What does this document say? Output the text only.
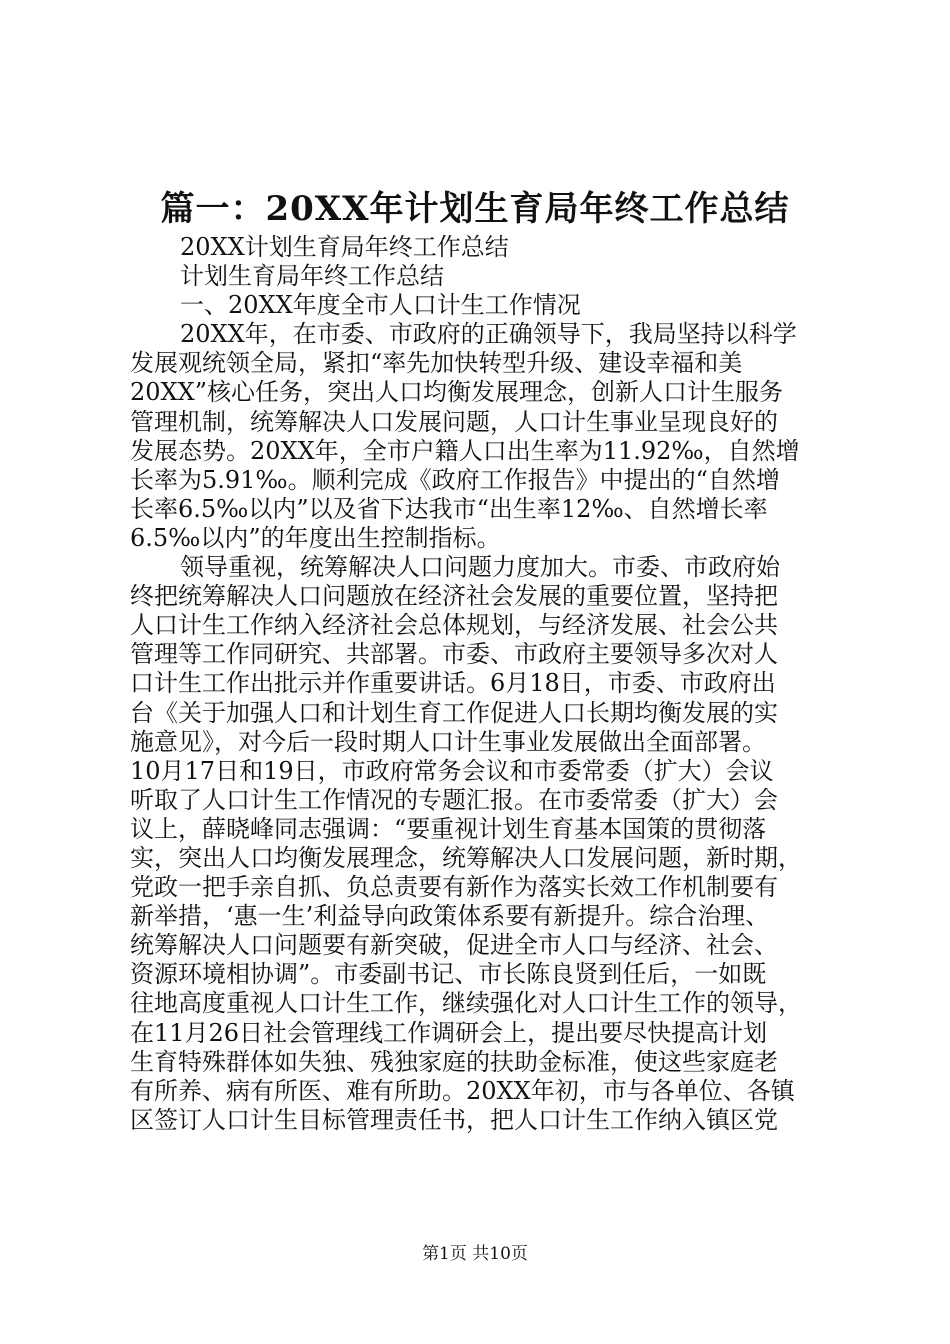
篇一：20XX年计划生育局年终工作总结
20XX计划生育局年终工作总结
计划生育局年终工作总结
一、20XX年度全市人口计生工作情况
20XX年，在市委、市政府的正确领导下，我局坚持以科学
发展观统领全局，紧扣“率先加快转型升级、建设幸福和美
20XX”核心任务，突出人口均衡发展理念，创新人口计生服务
管理机制，统筹解决人口发展问题，人口计生事业呈现良好的
发展态势。20XX年，全市户籍人口出生率为11.92‰，自然增
长率为5.91‰。顺利完成《政府工作报告》中提出的“自然增
长率6.5‰以内”以及省下达我市“出生率12‰、自然增长率
6.5‰以内”的年度出生控制指标。
领导重视，统筹解决人口问题力度加大。市委、市政府始
终把统筹解决人口问题放在经济社会发展的重要位置，坚持把
人口计生工作纳入经济社会总体规划，与经济发展、社会公共
管理等工作同研究、共部署。市委、市政府主要领导多次对人
口计生工作出批示并作重要讲话。6月18日，市委、市政府出
台《关于加强人口和计划生育工作促进人口长期均衡发展的实
施意见》，对今后一段时期人口计生事业发展做出全面部署。
10月17日和19日，市政府常务会议和市委常委（扩大）会议
听取了人口计生工作情况的专题汇报。在市委常委（扩大）会
议上，薛晓峰同志强调：“要重视计划生育基本国策的贯彻落
实，突出人口均衡发展理念，统筹解决人口发展问题，新时期，
党政一把手亲自抓、负总责要有新作为落实长效工作机制要有
新举措，‘惠一生’利益导向政策体系要有新提升。综合治理、
统筹解决人口问题要有新突破，促进全市人口与经济、社会、
资源环境相协调”。市委副书记、市长陈良贤到任后，一如既
往地高度重视人口计生工作，继续强化对人口计生工作的领导，
在11月26日社会管理线工作调研会上，提出要尽快提高计划
生育特殊群体如失独、残独家庭的扶助金标准，使这些家庭老
有所养、病有所医、难有所助。20XX年初，市与各单位、各镇
区签订人口计生目标管理责任书，把人口计生工作纳入镇区党
第1页 共10页
